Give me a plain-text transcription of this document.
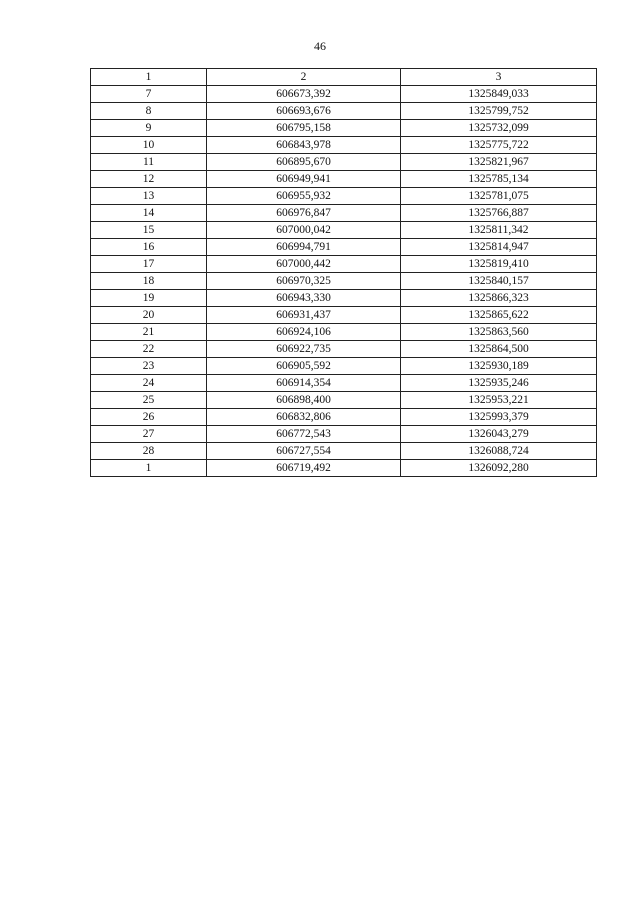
46
1	2	3
7	606673,392	1325849,033
8	606693,676	1325799,752
9	606795,158	1325732,099
10	606843,978	1325775,722
11	606895,670	1325821,967
12	606949,941	1325785,134
13	606955,932	1325781,075
14	606976,847	1325766,887
15	607000,042	1325811,342
16	606994,791	1325814,947
17	607000,442	1325819,410
18	606970,325	1325840,157
19	606943,330	1325866,323
20	606931,437	1325865,622
21	606924,106	1325863,560
22	606922,735	1325864,500
23	606905,592	1325930,189
24	606914,354	1325935,246
25	606898,400	1325953,221
26	606832,806	1325993,379
27	606772,543	1326043,279
28	606727,554	1326088,724
1	606719,492	1326092,280
